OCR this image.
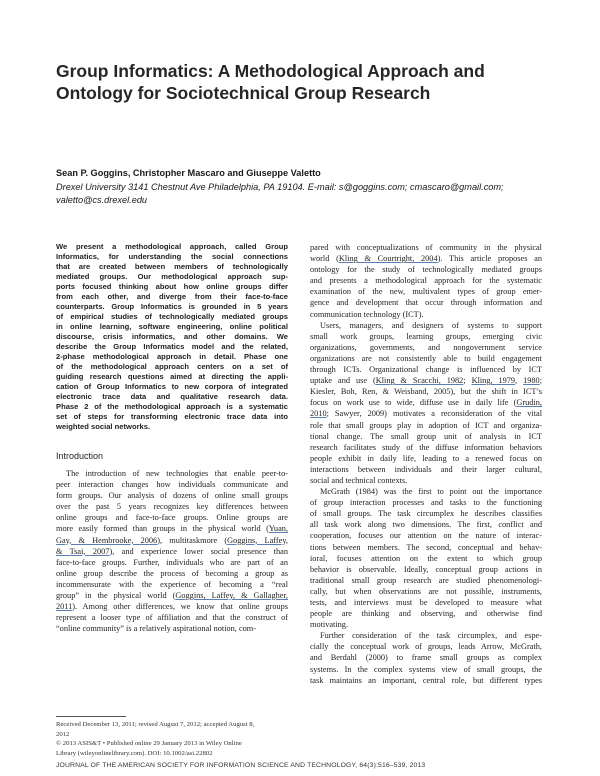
Group Informatics: A Methodological Approach and
Ontology for Sociotechnical Group Research
Sean P. Goggins, Christopher Mascaro and Giuseppe Valetto
Drexel University 3141 Chestnut Ave Philadelphia, PA 19104. E-mail: s@goggins.com; cmascaro@gmail.com;
valetto@cs.drexel.edu
We present a methodological approach, called Group
Informatics, for understanding the social connections
that are created between members of technologically
mediated groups. Our methodological approach sup-
ports focused thinking about how online groups differ
from each other, and diverge from their face-to-face
counterparts. Group Informatics is grounded in 5 years
of empirical studies of technologically mediated groups
in online learning, software engineering, online political
discourse, crisis informatics, and other domains. We
describe the Group Informatics model and the related,
2-phase methodological approach in detail. Phase one
of the methodological approach centers on a set of
guiding research questions aimed at directing the appli-
cation of Group Informatics to new corpora of integrated
electronic trace data and qualitative research data.
Phase 2 of the methodological approach is a systematic
set of steps for transforming electronic trace data into
weighted social networks.
Introduction
The introduction of new technologies that enable peer-to-
peer interaction changes how individuals communicate and
form groups. Our analysis of dozens of online small groups
over the past 5 years recognizes key differences between
online groups and face-to-face groups. Online groups are
more easily formed than groups in the physical world (Yuan,
Gay, & Hembrooke, 2006), multitaskmore (Goggins, Laffey,
& Tsai, 2007), and experience lower social presence than
face-to-face groups. Further, individuals who are part of an
online group describe the process of becoming a group as
incommensurate with the experience of becoming a “real
group” in the physical world (Goggins, Laffey, & Gallagher,
2011). Among other differences, we know that online groups
represent a looser type of affiliation and that the construct of
“online community” is a relatively aspirational notion, com-
pared with conceptualizations of community in the physical
world (Kling & Courtright, 2004). This article proposes an
ontology for the study of technologically mediated groups
and presents a methodological approach for the systematic
examination of the new, multivalent types of group emer-
gence and development that occur through information and
communication technology (ICT).
Users, managers, and designers of systems to support
small work groups, learning groups, emerging civic
organizations, governments, and nongovernment service
organizations are not consistently able to build engagement
through ICTs. Organizational change is influenced by ICT
uptake and use (Kling & Scacchi, 1982; Kling, 1979, 1980;
Kiesler, Boh, Ren, & Weisband, 2005), but the shift in ICT’s
focus on work use to wide, diffuse use in daily life (Grudin,
2010; Sawyer, 2009) motivates a reconsideration of the vital
role that small groups play in adoption of ICT and organiza-
tional change. The small group unit of analysis in ICT
research facilitates study of the diffuse information behaviors
people exhibit in daily life, leading to a renewed focus on
interactions between individuals and their larger cultural,
social and technical contexts.
McGrath (1984) was the first to point out the importance
of group interaction processes and tasks to the functioning
of small groups. The task circumplex he describes classifies
all task work along two dimensions. The first, conflict and
cooperation, focuses our attention on the nature of interac-
tions between members. The second, conceptual and behav-
ioral, focuses attention on the extent to which group
behavior is observable. Ideally, conceptual group actions in
traditional small group research are studied phenomenologi-
cally, but when observations are not possible, instruments,
tests, and interviews must be developed to measure what
people are thinking and observing, and otherwise find
motivating.
Further consideration of the task circumplex, and espe-
cially the conceptual work of groups, leads Arrow, McGrath,
and Berdahl (2000) to frame small groups as complex
systems. In the complex systems view of small groups, the
task maintains an important, central role, but different types
Received December 13, 2011; revised August 7, 2012; accepted August 8,
2012
© 2013 ASIS&T • Published online 29 January 2013 in Wiley Online
Library (wileyonlinelibrary.com). DOI: 10.1002/asi.22802
JOURNAL OF THE AMERICAN SOCIETY FOR INFORMATION SCIENCE AND TECHNOLOGY, 64(3):516–539, 2013
